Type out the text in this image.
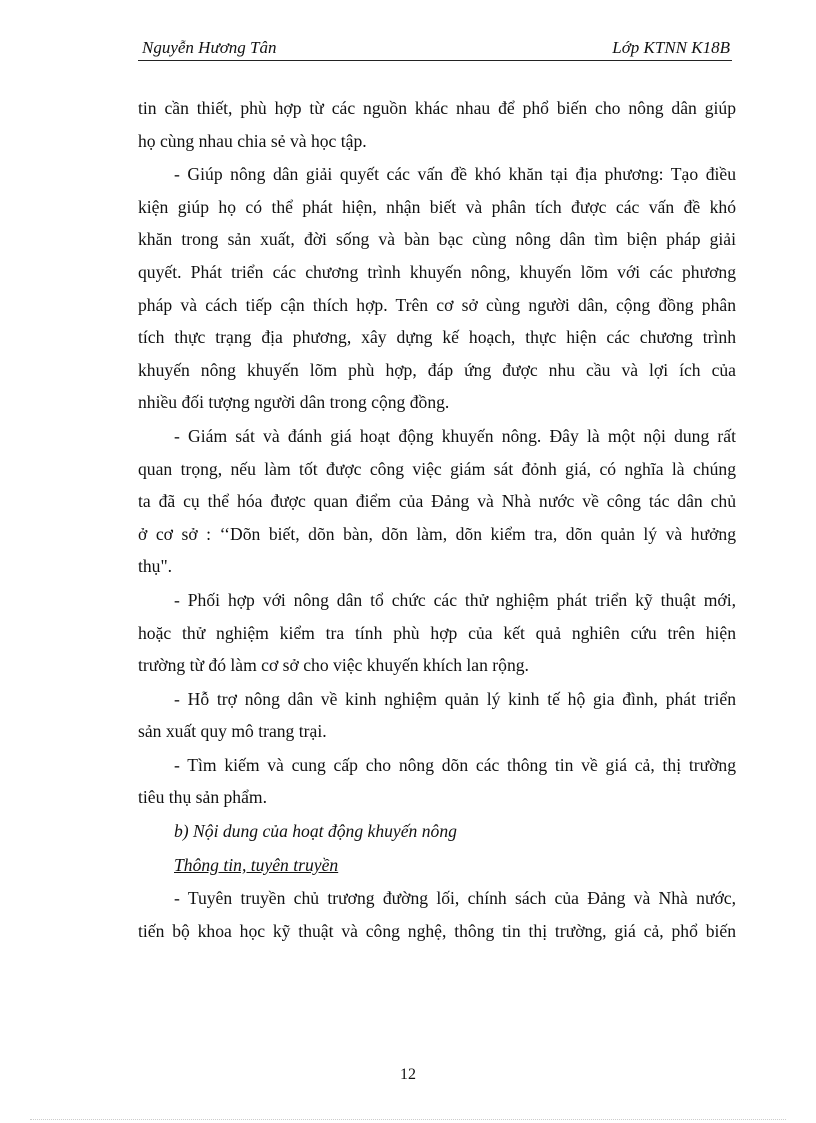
Nguyễn Hương Tân	Lớp KTNN K18B

tin cần thiết, phù hợp từ các nguồn khác nhau để phổ biến cho nông dân giúp
họ cùng nhau chia sẻ và học tập.

- Giúp nông dân giải quyết các vấn đề khó khăn tại địa phương: Tạo điều
kiện giúp họ có thể phát hiện, nhận biết và phân tích được các vấn đề khó
khăn trong sản xuất, đời sống và bàn bạc cùng nông dân tìm biện pháp giải
quyết. Phát triển các chương trình khuyến nông, khuyến lõm với các phương
pháp và cách tiếp cận thích hợp. Trên cơ sở cùng người dân, cộng đồng phân
tích thực trạng địa phương, xây dựng kế hoạch, thực hiện các chương trình
khuyến nông khuyến lõm phù hợp, đáp ứng được nhu cầu và lợi ích của
nhiều đối tượng người dân trong cộng đồng.

- Giám sát và đánh giá hoạt động khuyến nông. Đây là một nội dung rất
quan trọng, nếu làm tốt được công việc giám sát đỏnh giá, có nghĩa là chúng
ta đã cụ thể hóa được quan điểm của Đảng và Nhà nước về công tác dân chủ
ở cơ sở : ‘‘Dõn biết, dõn bàn, dõn làm, dõn kiểm tra, dõn quản lý và hưởng
thụ".

- Phối hợp với nông dân tổ chức các thử nghiệm phát triển kỹ thuật mới,
hoặc thử nghiệm kiểm tra tính phù hợp của kết quả nghiên cứu trên hiện
trường từ đó làm cơ sở cho việc khuyến khích lan rộng.

- Hỗ trợ nông dân về kinh nghiệm quản lý kinh tế hộ gia đình, phát triển
sản xuất quy mô trang trại.

- Tìm kiếm và cung cấp cho nông dõn các thông tin về giá cả, thị trường
tiêu thụ sản phẩm.

b) Nội dung của hoạt động khuyến nông

Thông tin, tuyên truyền

- Tuyên truyền chủ trương đường lối, chính sách của Đảng và Nhà nước,
tiến bộ khoa học kỹ thuật và công nghệ, thông tin thị trường, giá cả, phổ biến

12
